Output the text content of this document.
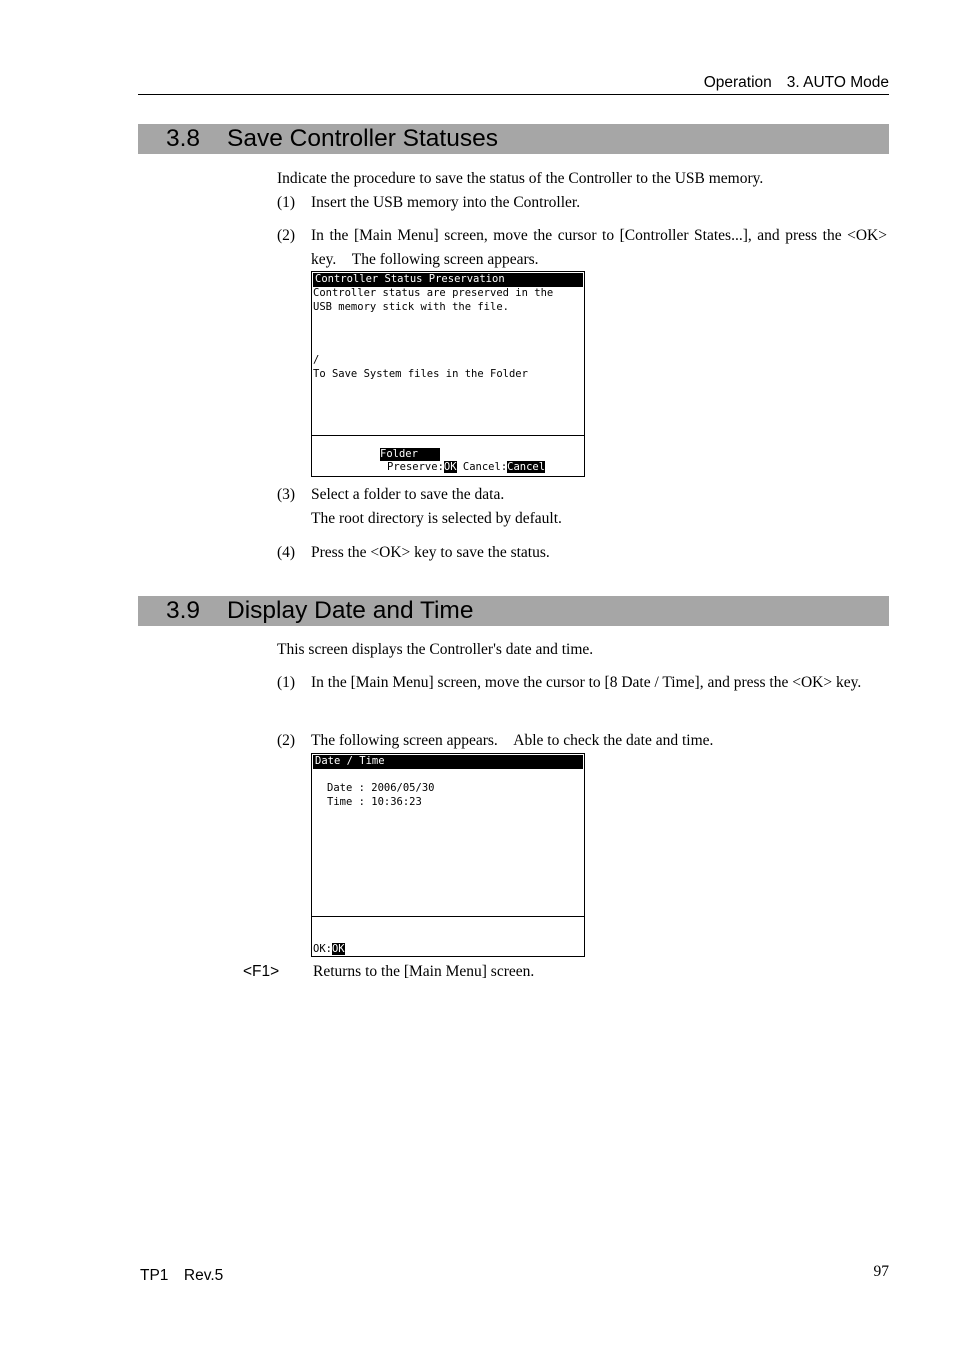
Operation 3. AUTO Mode
3.8 Save Controller Statuses
Indicate the procedure to save the status of the Controller to the USB memory.
(1) Insert the USB memory into the Controller.
(2) In the [Main Menu] screen, move the cursor to [Controller States...], and press the <OK> key.　The following screen appears.
Controller Status Preservation
Controller status are preserved in the
USB memory stick with the file.
/
To Save System files in the Folder
Folder
Preserve:OK Cancel:Cancel
(3) Select a folder to save the data.
The root directory is selected by default.
(4) Press the <OK> key to save the status.
3.9 Display Date and Time
This screen displays the Controller's date and time.
(1) In the [Main Menu] screen, move the cursor to [8 Date / Time], and press the <OK> key.
(2) The following screen appears.　Able to check the date and time.
Date / Time
Date : 2006/05/30
Time : 10:36:23
OK:OK
<F1> Returns to the [Main Menu] screen.
TP1　Rev.5	97
